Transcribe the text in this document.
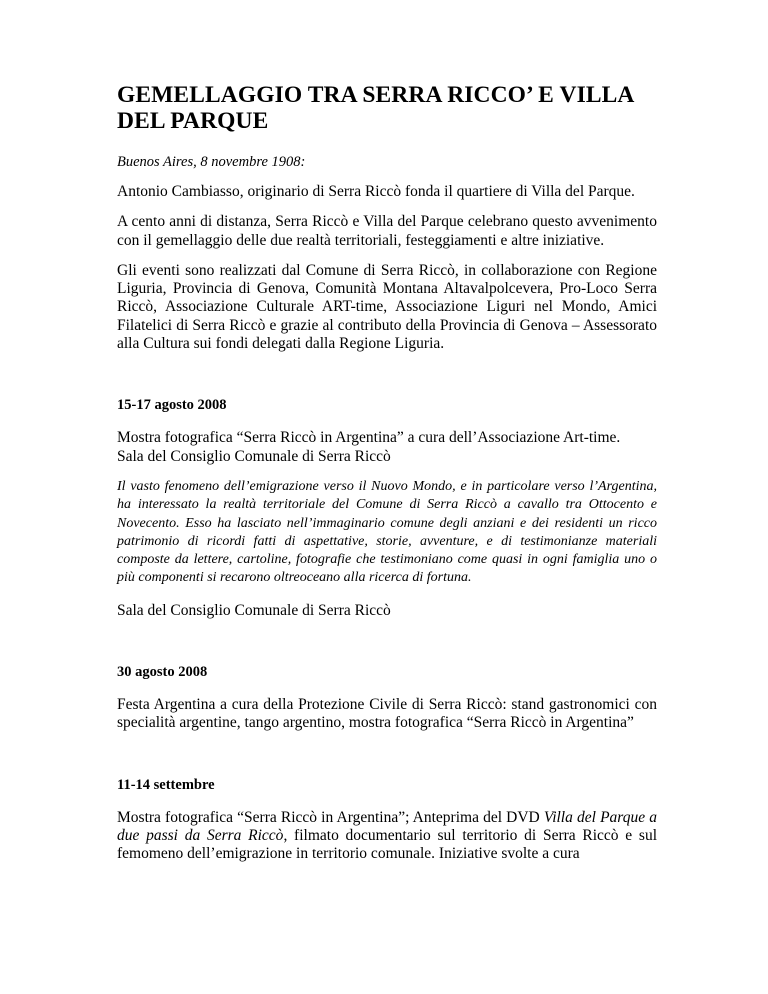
GEMELLAGGIO TRA SERRA RICCO’ E VILLA DEL PARQUE

Buenos Aires, 8 novembre 1908:

Antonio Cambiasso, originario di Serra Riccò fonda il quartiere di Villa del Parque.

A cento anni di distanza, Serra Riccò e Villa del Parque celebrano questo avvenimento con il gemellaggio delle due realtà territoriali, festeggiamenti e altre iniziative.

Gli eventi sono realizzati dal Comune di Serra Riccò, in collaborazione con Regione Liguria, Provincia di Genova, Comunità Montana Altavalpolcevera, Pro-Loco Serra Riccò, Associazione Culturale ART-time, Associazione Liguri nel Mondo, Amici Filatelici di Serra Riccò e grazie al contributo della Provincia di Genova – Assessorato alla Cultura sui fondi delegati dalla Regione Liguria.

15-17 agosto 2008

Mostra fotografica “Serra Riccò in Argentina” a cura dell’Associazione Art-time.
Sala del Consiglio Comunale di Serra Riccò

Il vasto fenomeno dell’emigrazione verso il Nuovo Mondo, e in particolare verso l’Argentina, ha interessato la realtà territoriale del Comune di Serra Riccò a cavallo tra Ottocento e Novecento. Esso ha lasciato nell’immaginario comune degli anziani e dei residenti un ricco patrimonio di ricordi fatti di aspettative, storie, avventure, e di testimonianze materiali composte da lettere, cartoline, fotografie che testimoniano come quasi in ogni famiglia uno o più componenti si recarono oltreoceano alla ricerca di fortuna.

Sala del Consiglio Comunale di Serra Riccò

30 agosto 2008

Festa Argentina a cura della Protezione Civile di Serra Riccò: stand gastronomici con specialità argentine, tango argentino, mostra fotografica “Serra Riccò in Argentina”

11-14 settembre

Mostra fotografica “Serra Riccò in Argentina”; Anteprima del DVD Villa del Parque a due passi da Serra Riccò, filmato documentario sul territorio di Serra Riccò e sul femomeno dell’emigrazione in territorio comunale. Iniziative svolte a cura
